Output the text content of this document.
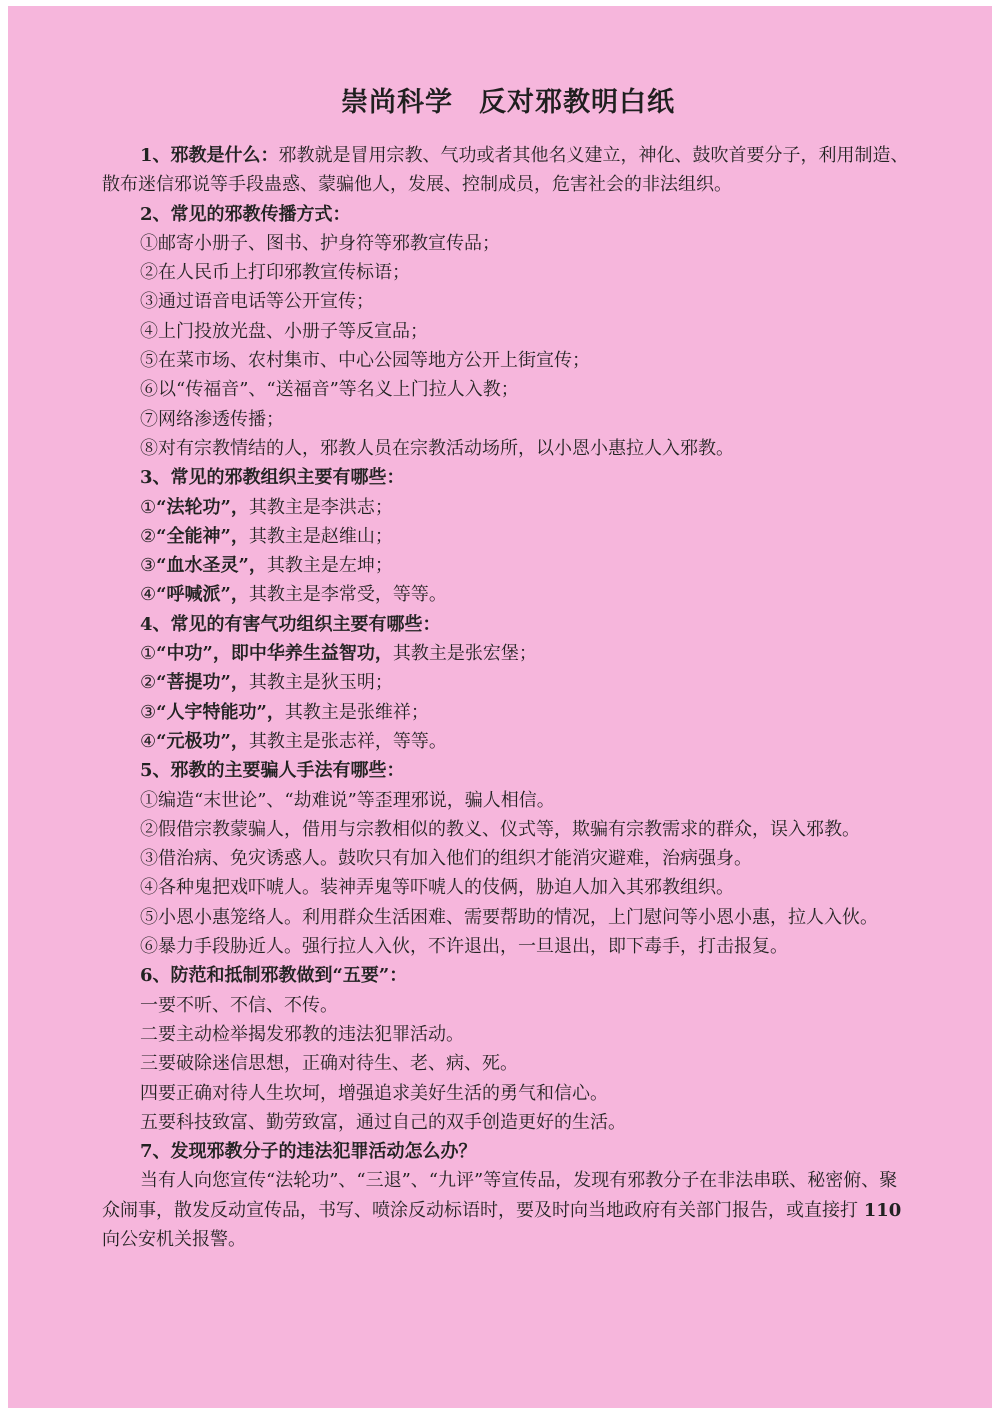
崇尚科学 反对邪教明白纸

1、邪教是什么：邪教就是冒用宗教、气功或者其他名义建立，神化、鼓吹首要分子，利用制造、散布迷信邪说等手段蛊惑、蒙骗他人，发展、控制成员，危害社会的非法组织。

2、常见的邪教传播方式：

①邮寄小册子、图书、护身符等邪教宣传品；

②在人民币上打印邪教宣传标语；

③通过语音电话等公开宣传；

④上门投放光盘、小册子等反宣品；

⑤在菜市场、农村集市、中心公园等地方公开上街宣传；

⑥以“传福音”、“送福音”等名义上门拉人入教；

⑦网络渗透传播；

⑧对有宗教情结的人，邪教人员在宗教活动场所，以小恩小惠拉人入邪教。

3、常见的邪教组织主要有哪些：

①“法轮功”，其教主是李洪志；

②“全能神”，其教主是赵维山；

③“血水圣灵”，其教主是左坤；

④“呼喊派”，其教主是李常受，等等。

4、常见的有害气功组织主要有哪些：

①“中功”，即中华养生益智功，其教主是张宏堡；

②“菩提功”，其教主是狄玉明；

③“人宇特能功”，其教主是张维祥；

④“元极功”，其教主是张志祥，等等。

5、邪教的主要骗人手法有哪些：

①编造“末世论”、“劫难说”等歪理邪说，骗人相信。

②假借宗教蒙骗人，借用与宗教相似的教义、仪式等，欺骗有宗教需求的群众，误入邪教。

③借治病、免灾诱惑人。鼓吹只有加入他们的组织才能消灾避难，治病强身。

④各种鬼把戏吓唬人。装神弄鬼等吓唬人的伎俩，胁迫人加入其邪教组织。

⑤小恩小惠笼络人。利用群众生活困难、需要帮助的情况，上门慰问等小恩小惠，拉人入伙。

⑥暴力手段胁近人。强行拉人入伙，不许退出，一旦退出，即下毒手，打击报复。

6、防范和抵制邪教做到“五要”：

一要不听、不信、不传。

二要主动检举揭发邪教的违法犯罪活动。

三要破除迷信思想，正确对待生、老、病、死。

四要正确对待人生坎坷，增强追求美好生活的勇气和信心。

五要科技致富、勤劳致富，通过自己的双手创造更好的生活。

7、发现邪教分子的违法犯罪活动怎么办？

当有人向您宣传“法轮功”、“三退”、“九评”等宣传品，发现有邪教分子在非法串联、秘密俯、聚众闹事，散发反动宣传品，书写、喷涂反动标语时，要及时向当地政府有关部门报告，或直接打 110 向公安机关报警。
